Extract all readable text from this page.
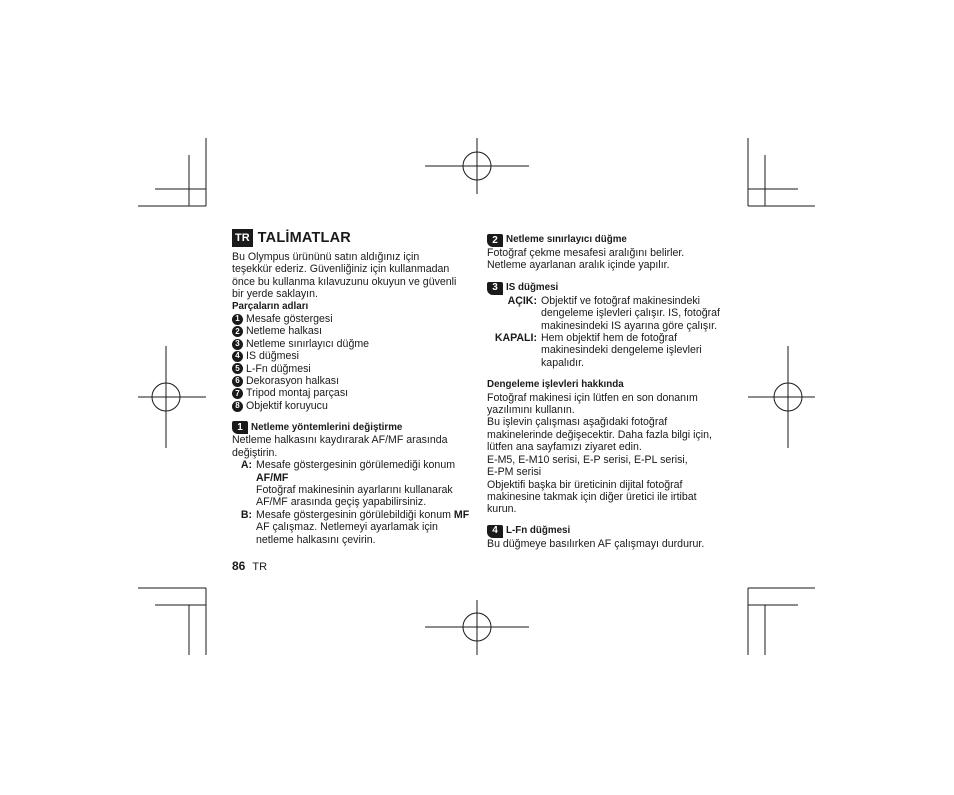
TR TALİMATLAR

Bu Olympus ürününü satın aldığınız için

teşekkür ederiz. Güvenliğiniz için kullanmadan

önce bu kullanma kılavuzunu okuyun ve güvenli

bir yerde saklayın.

Parçaların adları

1 Mesafe göstergesi
2 Netleme halkası
3 Netleme sınırlayıcı düğme
4 IS düğmesi
5 L-Fn düğmesi
6 Dekorasyon halkası
7 Tripod montaj parçası
8 Objektif koruyucu
1 Netleme yöntemlerini değiştirme

Netleme halkasını kaydırarak AF/MF arasında

değiştirin.

A: Mesafe göstergesinin görülemediği konum

AF/MF

Fotoğraf makinesinin ayarlarını kullanarak

AF/MF arasında geçiş yapabilirsiniz.

B: Mesafe göstergesinin görülebildiği konum MF

AF çalışmaz. Netlemeyi ayarlamak için

netleme halkasını çevirin.

86 TR
2 Netleme sınırlayıcı düğme

Fotoğraf çekme mesafesi aralığını belirler.

Netleme ayarlanan aralık içinde yapılır.

3 IS düğmesi
AÇIK: Objektif ve fotoğraf makinesindeki

dengeleme işlevleri çalışır. IS, fotoğraf

makinesindeki IS ayarına göre çalışır.

KAPALI: Hem objektif hem de fotoğraf

makinesindeki dengeleme işlevleri

kapalıdır.

Dengeleme işlevleri hakkında

Fotoğraf makinesi için lütfen en son donanım

yazılımını kullanın.

Bu işlevin çalışması aşağıdaki fotoğraf

makinelerinde değişecektir. Daha fazla bilgi için,

lütfen ana sayfamızı ziyaret edin.

E-M5, E-M10 serisi, E-P serisi, E-PL serisi,

E-PM serisi

Objektifi başka bir üreticinin dijital fotoğraf

makinesine takmak için diğer üretici ile irtibat

kurun.

4 L-Fn düğmesi

Bu düğmeye basılırken AF çalışmayı durdurur.
